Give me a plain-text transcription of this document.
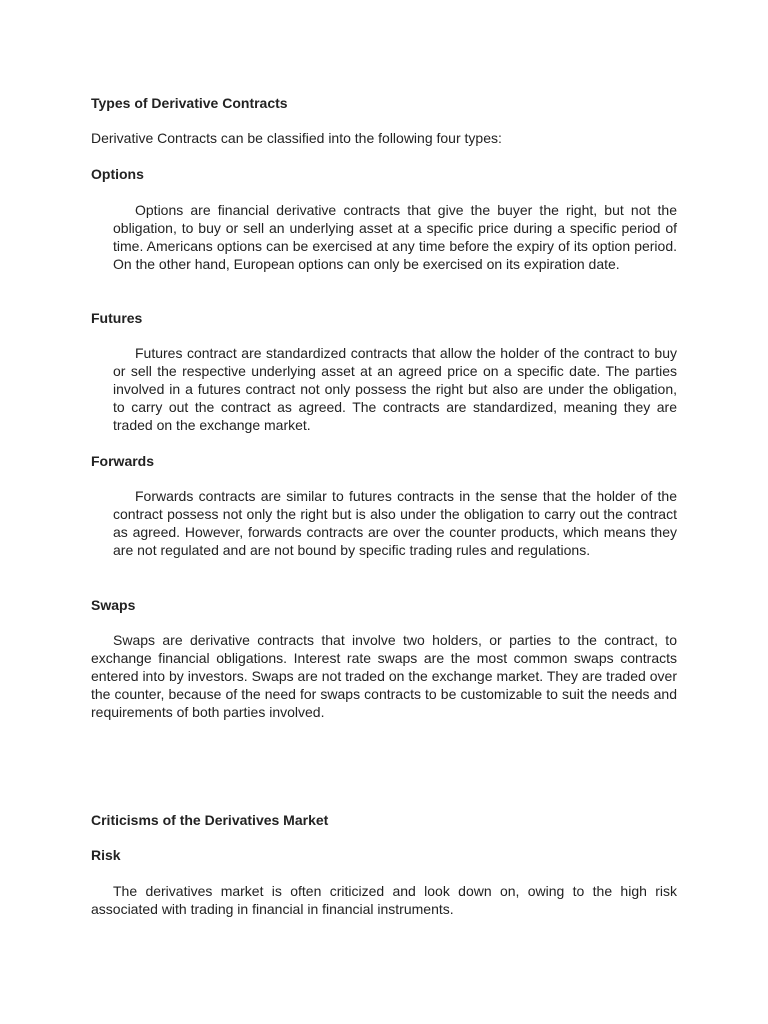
Types of Derivative Contracts

Derivative Contracts can be classified into the following four types:

Options

Options are financial derivative contracts that give the buyer the right, but not the obligation, to buy or sell an underlying asset at a specific price during a specific period of time. Americans options can be exercised at any time before the expiry of its option period. On the other hand, European options can only be exercised on its expiration date.

Futures

Futures contract are standardized contracts that allow the holder of the contract to buy or sell the respective underlying asset at an agreed price on a specific date. The parties involved in a futures contract not only possess the right but also are under the obligation, to carry out the contract as agreed. The contracts are standardized, meaning they are traded on the exchange market.

Forwards

Forwards contracts are similar to futures contracts in the sense that the holder of the contract possess not only the right but is also under the obligation to carry out the contract as agreed. However, forwards contracts are over the counter products, which means they are not regulated and are not bound by specific trading rules and regulations.

Swaps

Swaps are derivative contracts that involve two holders, or parties to the contract, to exchange financial obligations. Interest rate swaps are the most common swaps contracts entered into by investors. Swaps are not traded on the exchange market. They are traded over the counter, because of the need for swaps contracts to be customizable to suit the needs and requirements of both parties involved.

Criticisms of the Derivatives Market
Risk

The derivatives market is often criticized and look down on, owing to the high risk associated with trading in financial in financial instruments.
